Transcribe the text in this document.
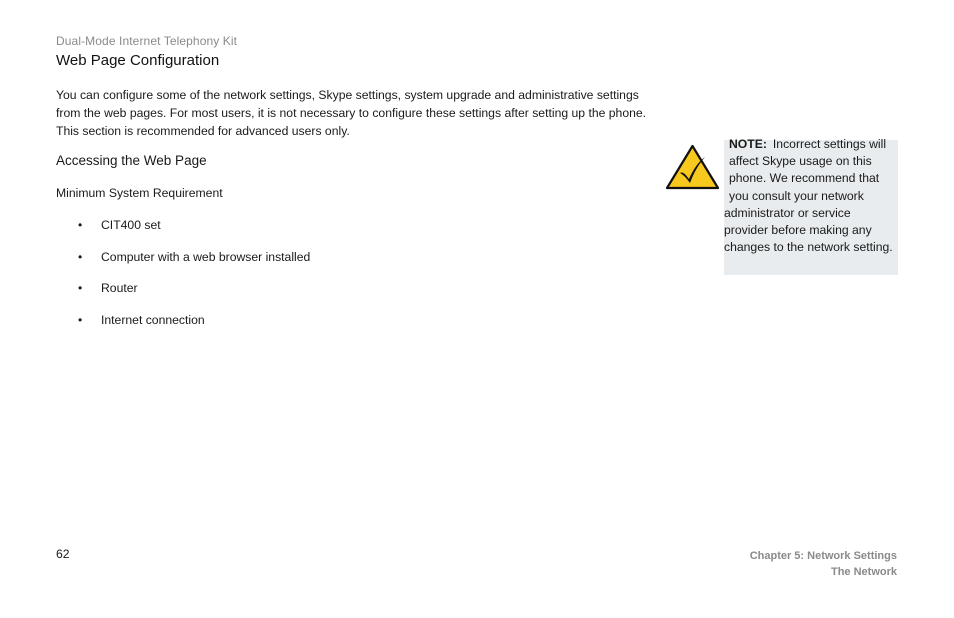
Dual-Mode Internet Telephony Kit
Web Page Configuration
You can configure some of the network settings, Skype settings, system upgrade and administrative settings
from the web pages. For most users, it is not necessary to configure these settings after setting up the phone.
This section is recommended for advanced users only.
Accessing the Web Page
Minimum System Requirement
• CIT400 set
• Computer with a web browser installed
• Router
• Internet connection
NOTE: Incorrect settings will
affect Skype usage on this
phone. We recommend that
you consult your network
administrator or service
provider before making any
changes to the network setting.
62	Chapter 5: Network Settings
The Network
